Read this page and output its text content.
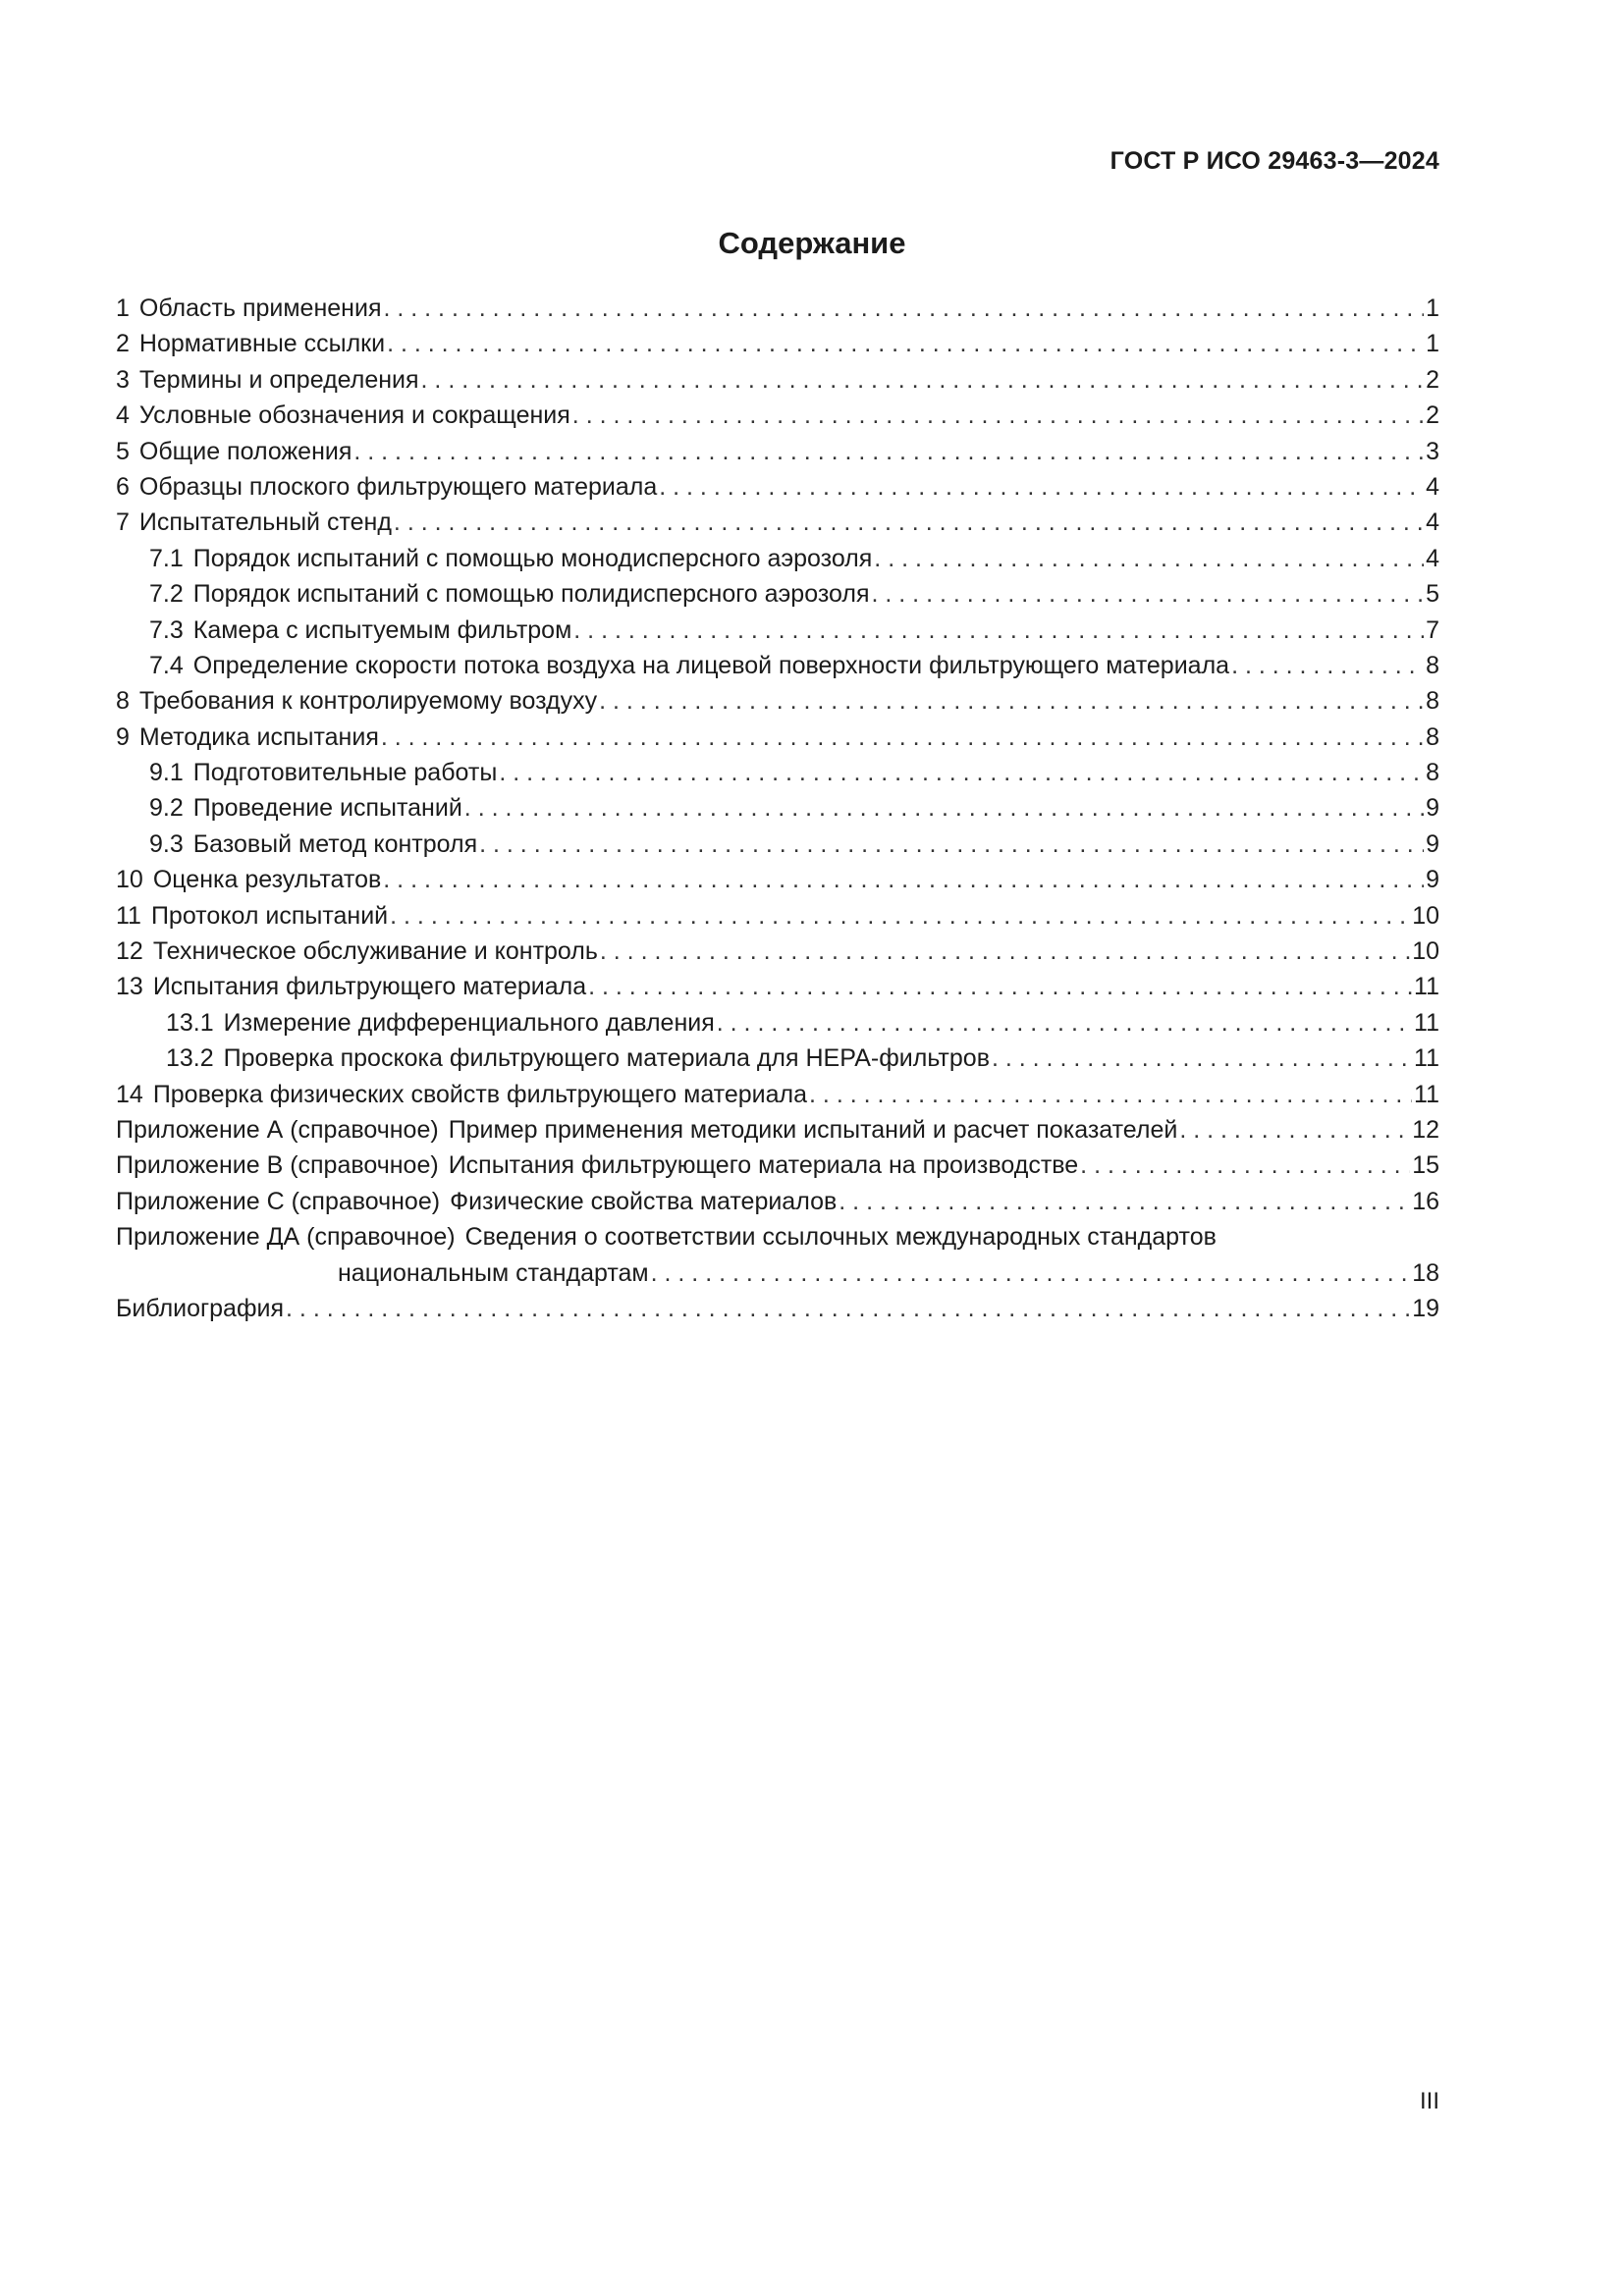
ГОСТ Р ИСО 29463-3—2024
Содержание
1 Область применения . . .	1
2 Нормативные ссылки . . .	1
3 Термины и определения . . .	2
4 Условные обозначения и сокращения . . .	2
5 Общие положения . . .	3
6 Образцы плоского фильтрующего материала . . .	4
7 Испытательный стенд . . .	4
7.1 Порядок испытаний с помощью монодисперсного аэрозоля . . .	4
7.2 Порядок испытаний с помощью полидисперсного аэрозоля . . .	5
7.3 Камера с испытуемым фильтром . . .	7
7.4 Определение скорости потока воздуха на лицевой поверхности фильтрующего материала . . .	8
8 Требования к контролируемому воздуху . . .	8
9 Методика испытания . . .	8
9.1 Подготовительные работы . . .	8
9.2 Проведение испытаний . . .	9
9.3 Базовый метод контроля . . .	9
10 Оценка результатов . . .	9
11 Протокол испытаний . . .	10
12 Техническое обслуживание и контроль . . .	10
13 Испытания фильтрующего материала . . .	11
13.1 Измерение дифференциального давления . . .	11
13.2 Проверка проскока фильтрующего материала для НЕРА-фильтров . . .	11
14 Проверка физических свойств фильтрующего материала . . .	11
Приложение А (справочное) Пример применения методики испытаний и расчет показателей . . .	12
Приложение В (справочное) Испытания фильтрующего материала на производстве . . .	15
Приложение С (справочное) Физические свойства материалов . . .	16
Приложение ДА (справочное) Сведения о соответствии ссылочных международных стандартов
национальным стандартам . . .	18
Библиография . . .	19
III
